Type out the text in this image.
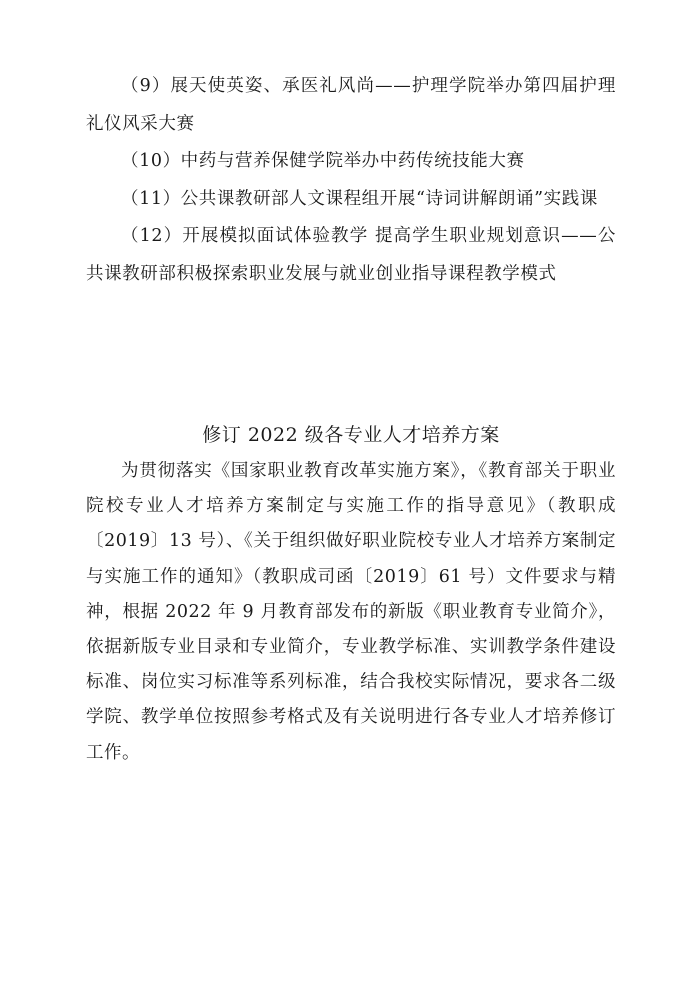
（9）展天使英姿、承医礼风尚——护理学院举办第四届护理礼仪风采大赛

（10）中药与营养保健学院举办中药传统技能大赛

（11）公共课教研部人文课程组开展“诗词讲解朗诵”实践课

（12）开展模拟面试体验教学 提高学生职业规划意识——公共课教研部积极探索职业发展与就业创业指导课程教学模式

修订 2022 级各专业人才培养方案

为贯彻落实《国家职业教育改革实施方案》，《教育部关于职业院校专业人才培养方案制定与实施工作的指导意见》（教职成〔2019〕13 号）、《关于组织做好职业院校专业人才培养方案制定与实施工作的通知》（教职成司函〔2019〕61 号）文件要求与精神，根据 2022 年 9 月教育部发布的新版《职业教育专业简介》，依据新版专业目录和专业简介，专业教学标准、实训教学条件建设标准、岗位实习标准等系列标准，结合我校实际情况，要求各二级学院、教学单位按照参考格式及有关说明进行各专业人才培养修订工作。
